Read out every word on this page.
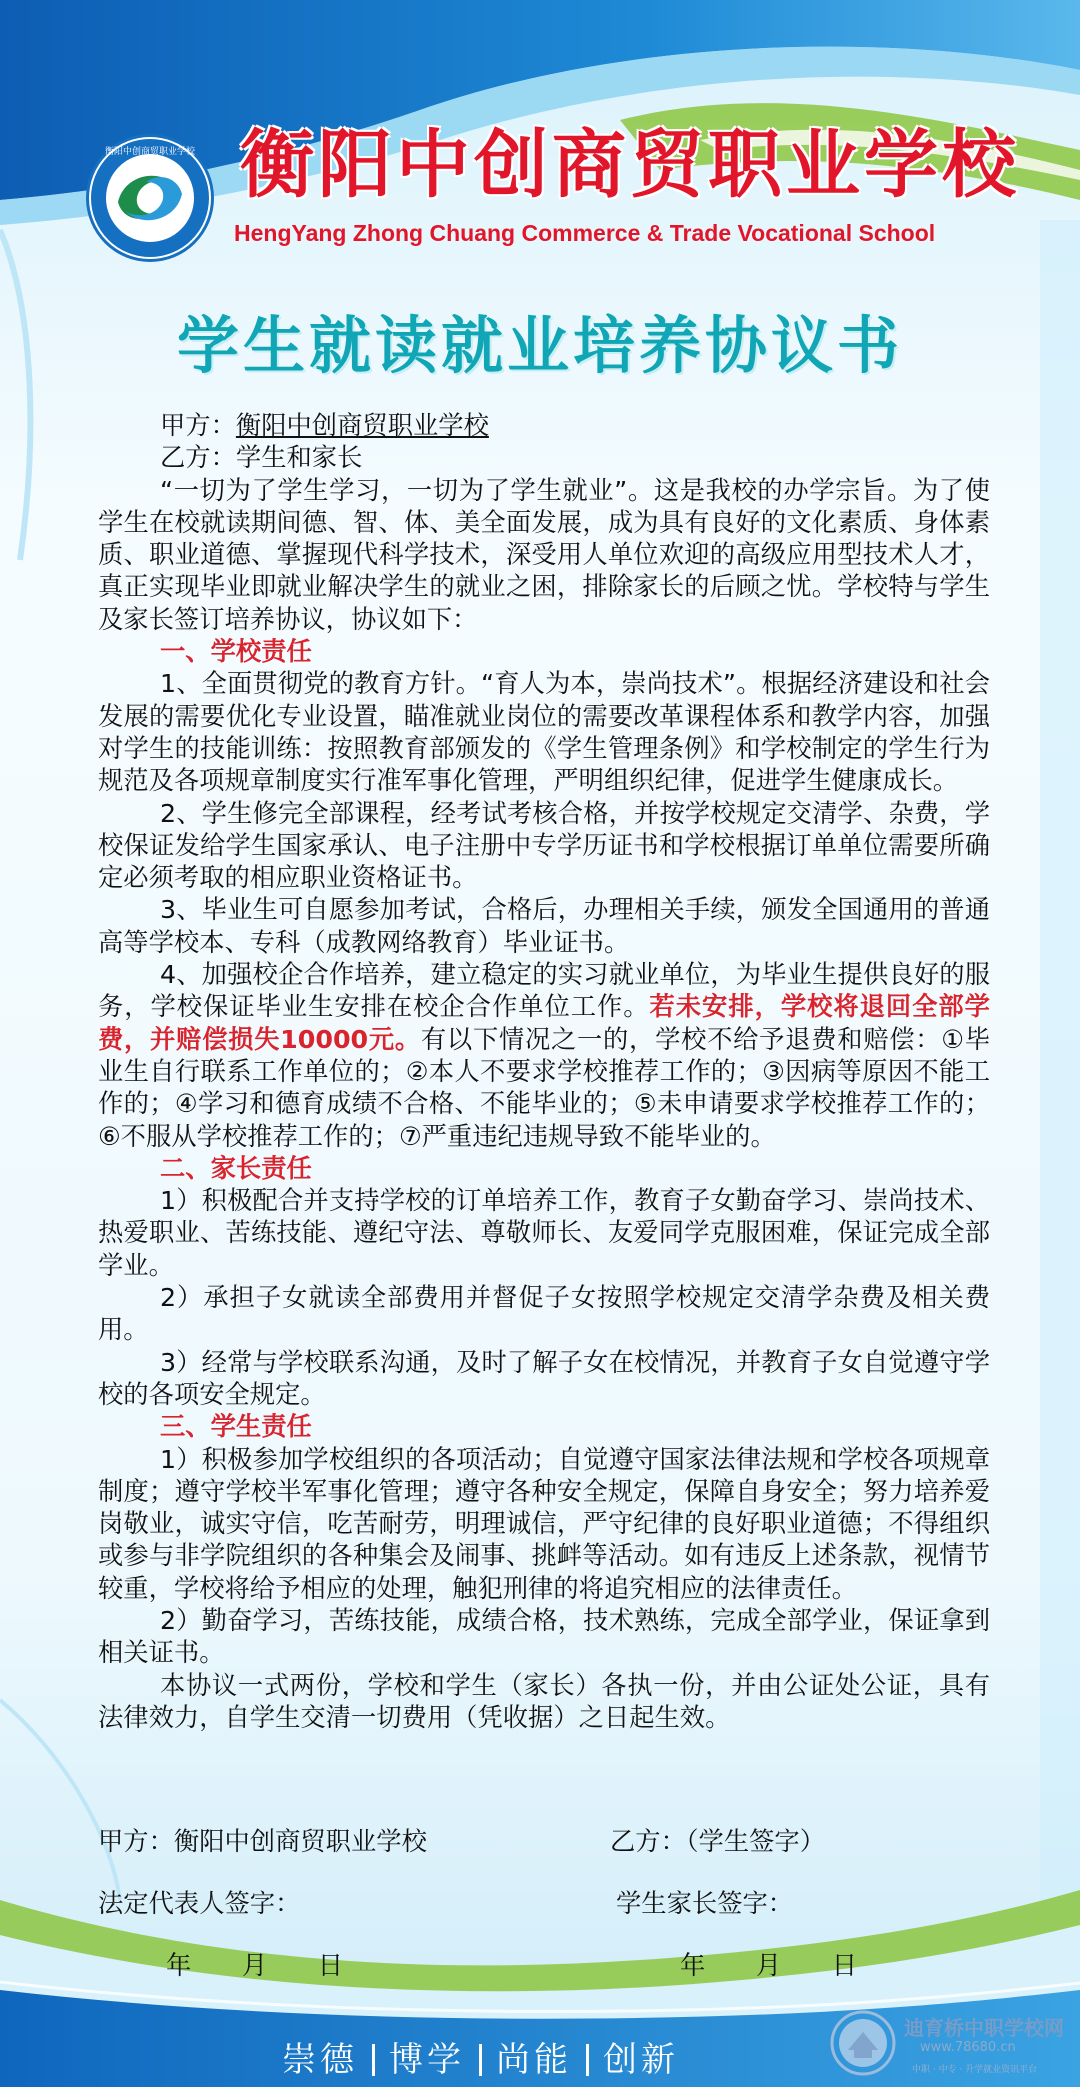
衡阳中创商贸职业学校 衡阳中创商贸职业学校
HengYang Zhong Chuang Commerce & Trade Vocational School
学生就读就业培养协议书

甲方：衡阳中创商贸职业学校

乙方：学生和家长

“一切为了学生学习，一切为了学生就业”。这是我校的办学宗旨。为了使学生在校就读期间德、智、体、美全面发展，成为具有良好的文化素质、身体素质、职业道德、掌握现代科学技术，深受用人单位欢迎的高级应用型技术人才，真正实现毕业即就业解决学生的就业之困，排除家长的后顾之忧。学校特与学生及家长签订培养协议，协议如下：

一、学校责任

1、全面贯彻党的教育方针。“育人为本，崇尚技术”。根据经济建设和社会发展的需要优化专业设置，瞄准就业岗位的需要改革课程体系和教学内容，加强对学生的技能训练：按照教育部颁发的《学生管理条例》和学校制定的学生行为规范及各项规章制度实行准军事化管理，严明组织纪律，促进学生健康成长。

2、学生修完全部课程，经考试考核合格，并按学校规定交清学、杂费，学校保证发给学生国家承认、电子注册中专学历证书和学校根据订单单位需要所确定必须考取的相应职业资格证书。

3、毕业生可自愿参加考试，合格后，办理相关手续，颁发全国通用的普通高等学校本、专科（成教网络教育）毕业证书。

4、加强校企合作培养，建立稳定的实习就业单位，为毕业生提供良好的服务，学校保证毕业生安排在校企合作单位工作。若未安排，学校将退回全部学费，并赔偿损失10000元。有以下情况之一的，学校不给予退费和赔偿：①毕业生自行联系工作单位的；②本人不要求学校推荐工作的；③因病等原因不能工作的；④学习和德育成绩不合格、不能毕业的；⑤未申请要求学校推荐工作的；⑥不服从学校推荐工作的；⑦严重违纪违规导致不能毕业的。

二、家长责任

1）积极配合并支持学校的订单培养工作，教育子女勤奋学习、崇尚技术、热爱职业、苦练技能、遵纪守法、尊敬师长、友爱同学克服困难，保证完成全部学业。

2）承担子女就读全部费用并督促子女按照学校规定交清学杂费及相关费用。

3）经常与学校联系沟通，及时了解子女在校情况，并教育子女自觉遵守学校的各项安全规定。

三、学生责任

1）积极参加学校组织的各项活动；自觉遵守国家法律法规和学校各项规章制度；遵守学校半军事化管理；遵守各种安全规定，保障自身安全；努力培养爱岗敬业，诚实守信，吃苦耐劳，明理诚信，严守纪律的良好职业道德；不得组织或参与非学院组织的各种集会及闹事、挑衅等活动。如有违反上述条款，视情节较重，学校将给予相应的处理，触犯刑律的将追究相应的法律责任。

2）勤奋学习，苦练技能，成绩合格，技术熟练，完成全部学业，保证拿到相关证书。

本协议一式两份，学校和学生（家长）各执一份，并由公证处公证，具有法律效力，自学生交清一切费用（凭收据）之日起生效。

甲方：衡阳中创商贸职业学校	乙方：（学生签字）
法定代表人签字：	学生家长签字：
年　　月　　日	年　　月　　日
崇德 博学 尚能 创新
迪育桥中职学校网
www.78680.cn
中职 · 中专 · 升学就业资讯平台
